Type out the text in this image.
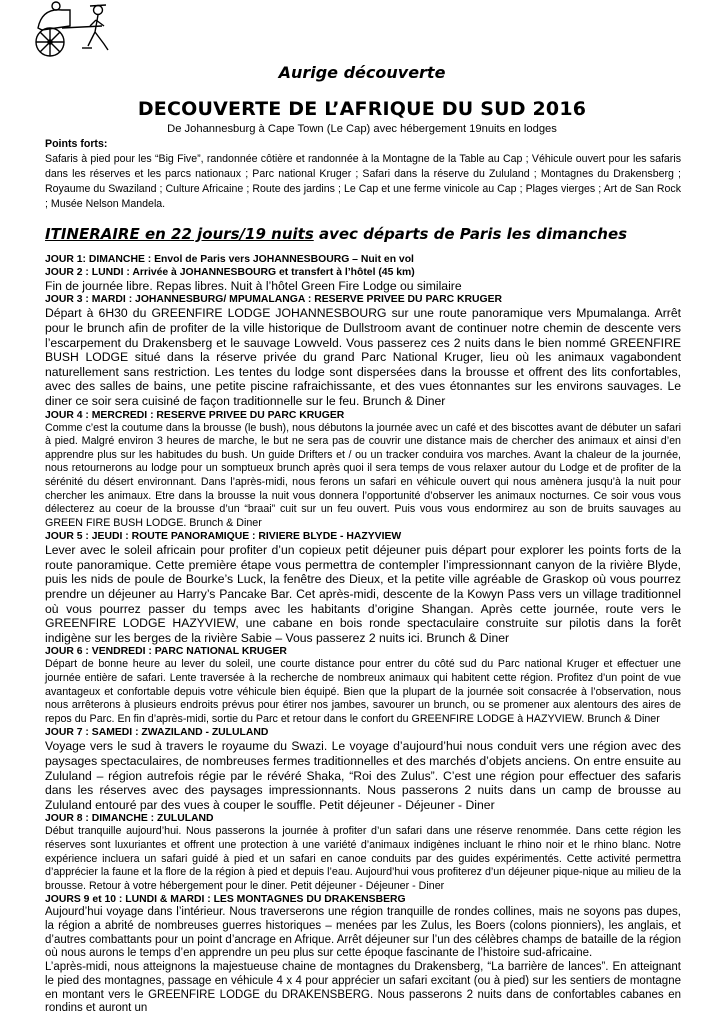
Aurige découverte
DECOUVERTE DE L’AFRIQUE DU SUD 2016
De Johannesburg à Cape Town (Le Cap) avec hébergement 19nuits en lodges
Points forts:
Safaris à pied pour les “Big Five”, randonnée côtière et randonnée à la Montagne de la Table au Cap ; Véhicule ouvert pour les safaris dans les réserves et les parcs nationaux ; Parc national Kruger ; Safari dans la réserve du Zululand ; Montagnes du Drakensberg ; Royaume du Swaziland ; Culture Africaine ; Route des jardins ; Le Cap et une ferme vinicole au Cap ; Plages vierges ; Art de San Rock ; Musée Nelson Mandela.
ITINERAIRE en 22 jours/19 nuits avec départs de Paris les dimanches
JOUR 1: DIMANCHE : Envol de Paris vers JOHANNESBOURG – Nuit en vol
JOUR 2 : LUNDI : Arrivée à JOHANNESBOURG et transfert à l’hôtel (45 km)
Fin de journée libre. Repas libres. Nuit à l’hôtel Green Fire Lodge ou similaire
JOUR 3 : MARDI : JOHANNESBURG/ MPUMALANGA : RESERVE PRIVEE DU PARC KRUGER
Départ à 6H30 du GREENFIRE LODGE JOHANNESBOURG sur une route panoramique vers Mpumalanga. Arrêt pour le brunch afin de profiter de la ville historique de Dullstroom avant de continuer notre chemin de descente vers l’escarpement du Drakensberg et le sauvage Lowveld. Vous passerez ces 2 nuits dans le bien nommé GREENFIRE BUSH LODGE situé dans la réserve privée du grand Parc National Kruger, lieu où les animaux vagabondent naturellement sans restriction. Les tentes du lodge sont dispersées dans la brousse et offrent des lits confortables, avec des salles de bains, une petite piscine rafraichissante, et des vues étonnantes sur les environs sauvages. Le diner ce soir sera cuisiné de façon traditionnelle sur le feu. Brunch & Diner
JOUR 4 : MERCREDI : RESERVE PRIVEE DU PARC KRUGER
Comme c’est la coutume dans la brousse (le bush), nous débutons la journée avec un café et des biscottes avant de débuter un safari à pied. Malgré environ 3 heures de marche, le but ne sera pas de couvrir une distance mais de chercher des animaux et ainsi d’en apprendre plus sur les habitudes du bush. Un guide Drifters et / ou un tracker conduira vos marches. Avant la chaleur de la journée, nous retournerons au lodge pour un somptueux brunch après quoi il sera temps de vous relaxer autour du Lodge et de profiter de la sérénité du désert environnant. Dans l’après-midi, nous ferons un safari en véhicule ouvert qui nous amènera jusqu’à la nuit pour chercher les animaux. Etre dans la brousse la nuit vous donnera l’opportunité d’observer les animaux nocturnes. Ce soir vous vous délecterez au coeur de la brousse d’un “braai” cuit sur un feu ouvert. Puis vous vous endormirez au son de bruits sauvages au GREEN FIRE BUSH LODGE. Brunch & Diner
JOUR 5 : JEUDI : ROUTE PANORAMIQUE : RIVIERE BLYDE - HAZYVIEW
Lever avec le soleil africain pour profiter d’un copieux petit déjeuner puis départ pour explorer les points forts de la route panoramique. Cette première étape vous permettra de contempler l’impressionnant canyon de la rivière Blyde, puis les nids de poule de Bourke’s Luck, la fenêtre des Dieux, et la petite ville agréable de Graskop où vous pourrez prendre un déjeuner au Harry’s Pancake Bar. Cet après-midi, descente de la Kowyn Pass vers un village traditionnel où vous pourrez passer du temps avec les habitants d’origine Shangan. Après cette journée, route vers le GREENFIRE LODGE HAZYVIEW, une cabane en bois ronde spectaculaire construite sur pilotis dans la forêt indigène sur les berges de la rivière Sabie – Vous passerez 2 nuits ici. Brunch & Diner
JOUR 6 : VENDREDI : PARC NATIONAL KRUGER
Départ de bonne heure au lever du soleil, une courte distance pour entrer du côté sud du Parc national Kruger et effectuer une journée entière de safari. Lente traversée à la recherche de nombreux animaux qui habitent cette région. Profitez d’un point de vue avantageux et confortable depuis votre véhicule bien équipé. Bien que la plupart de la journée soit consacrée à l’observation, nous nous arrêterons à plusieurs endroits prévus pour étirer nos jambes, savourer un brunch, ou se promener aux alentours des aires de repos du Parc. En fin d’après-midi, sortie du Parc et retour dans le confort du GREENFIRE LODGE à HAZYVIEW. Brunch & Diner
JOUR 7 : SAMEDI : ZWAZILAND - ZULULAND
Voyage vers le sud à travers le royaume du Swazi. Le voyage d’aujourd’hui nous conduit vers une région avec des paysages spectaculaires, de nombreuses fermes traditionnelles et des marchés d’objets anciens. On entre ensuite au Zululand – région autrefois régie par le révéré Shaka, “Roi des Zulus”. C’est une région pour effectuer des safaris dans les réserves avec des paysages impressionnants. Nous passerons 2 nuits dans un camp de brousse au Zululand entouré par des vues à couper le souffle. Petit déjeuner - Déjeuner - Diner
JOUR 8 : DIMANCHE : ZULULAND
Début tranquille aujourd’hui. Nous passerons la journée à profiter d’un safari dans une réserve renommée. Dans cette région les réserves sont luxuriantes et offrent une protection à une variété d’animaux indigènes incluant le rhino noir et le rhino blanc. Notre expérience incluera un safari guidé à pied et un safari en canoe conduits par des guides expérimentés. Cette activité permettra d’apprécier la faune et la flore de la région à pied et depuis l’eau. Aujourd’hui vous profiterez d’un déjeuner pique-nique au milieu de la brousse. Retour à votre hébergement pour le diner. Petit déjeuner - Déjeuner - Diner
JOURS 9 et 10 : LUNDI & MARDI : LES MONTAGNES DU DRAKENSBERG
Aujourd’hui voyage dans l’intérieur. Nous traverserons une région tranquille de rondes collines, mais ne soyons pas dupes, la région a abrité de nombreuses guerres historiques – menées par les Zulus, les Boers (colons pionniers), les anglais, et d’autres combattants pour un point d’ancrage en Afrique. Arrêt déjeuner sur l’un des célèbres champs de bataille de la région où nous aurons le temps d’en apprendre un peu plus sur cette époque fascinante de l’histoire sud-africaine.
L’après-midi, nous atteignons la majestueuse chaine de montagnes du Drakensberg, “La barrière de lances”. En atteignant le pied des montagnes, passage en véhicule 4 x 4 pour apprécier un safari excitant (ou à pied) sur les sentiers de montagne en montant vers le GREENFIRE LODGE du DRAKENSBERG. Nous passerons 2 nuits dans de confortables cabanes en rondins et auront un
